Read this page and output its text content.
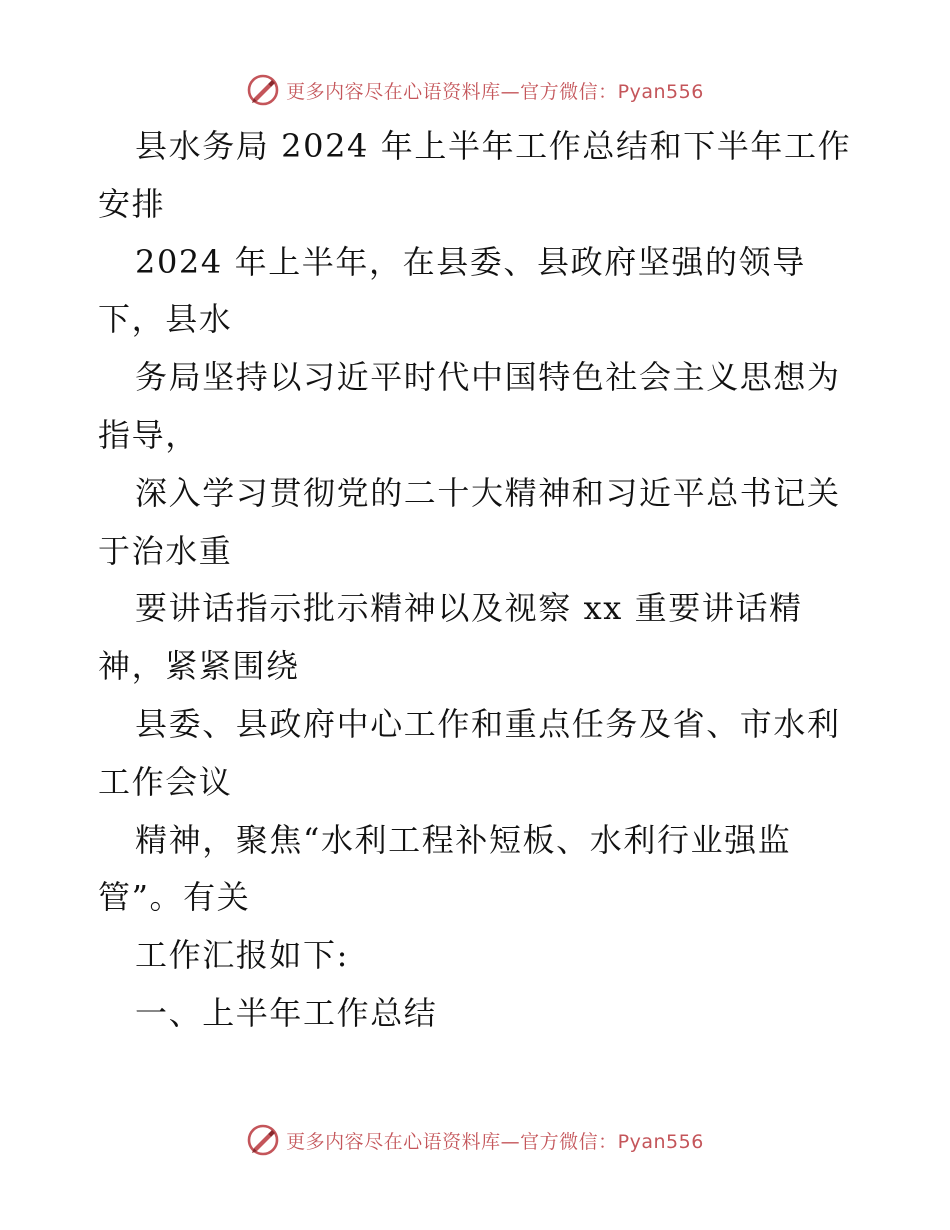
更多内容尽在心语资料库—官方微信：Pyan556
县水务局 2024 年上半年工作总结和下半年工作
安排
2024 年上半年，在县委、县政府坚强的领导
下，县水
务局坚持以习近平时代中国特色社会主义思想为
指导，
深入学习贯彻党的二十大精神和习近平总书记关
于治水重
要讲话指示批示精神以及视察 xx 重要讲话精
神，紧紧围绕
县委、县政府中心工作和重点任务及省、市水利
工作会议
精神，聚焦“水利工程补短板、水利行业强监
管”。有关
工作汇报如下:
一、上半年工作总结
更多内容尽在心语资料库—官方微信：Pyan556
